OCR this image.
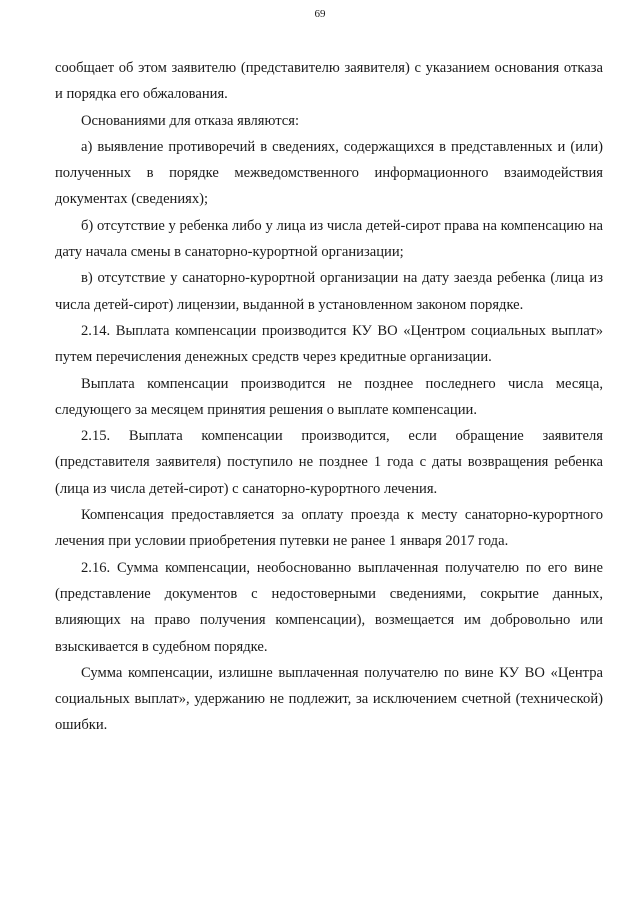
69

сообщает об этом заявителю (представителю заявителя) с указанием основания отказа и порядка его обжалования.

Основаниями для отказа являются:

а) выявление противоречий в сведениях, содержащихся в представленных и (или) полученных в порядке межведомственного информационного взаимодействия документах (сведениях);

б) отсутствие у ребенка либо у лица из числа детей-сирот права на компенсацию на дату начала смены в санаторно-курортной организации;

в) отсутствие у санаторно-курортной организации на дату заезда ребенка (лица из числа детей-сирот) лицензии, выданной в установленном законом порядке.

2.14. Выплата компенсации производится КУ ВО «Центром социальных выплат» путем перечисления денежных средств через кредитные организации.

Выплата компенсации производится не позднее последнего числа месяца, следующего за месяцем принятия решения о выплате компенсации.

2.15. Выплата компенсации производится, если обращение заявителя (представителя заявителя) поступило не позднее 1 года с даты возвращения ребенка (лица из числа детей-сирот) с санаторно-курортного лечения.

Компенсация предоставляется за оплату проезда к месту санаторно-курортного лечения при условии приобретения путевки не ранее 1 января 2017 года.

2.16. Сумма компенсации, необоснованно выплаченная получателю по его вине (представление документов с недостоверными сведениями, сокрытие данных, влияющих на право получения компенсации), возмещается им добровольно или взыскивается в судебном порядке.

Сумма компенсации, излишне выплаченная получателю по вине КУ ВО «Центра социальных выплат», удержанию не подлежит, за исключением счетной (технической) ошибки.
